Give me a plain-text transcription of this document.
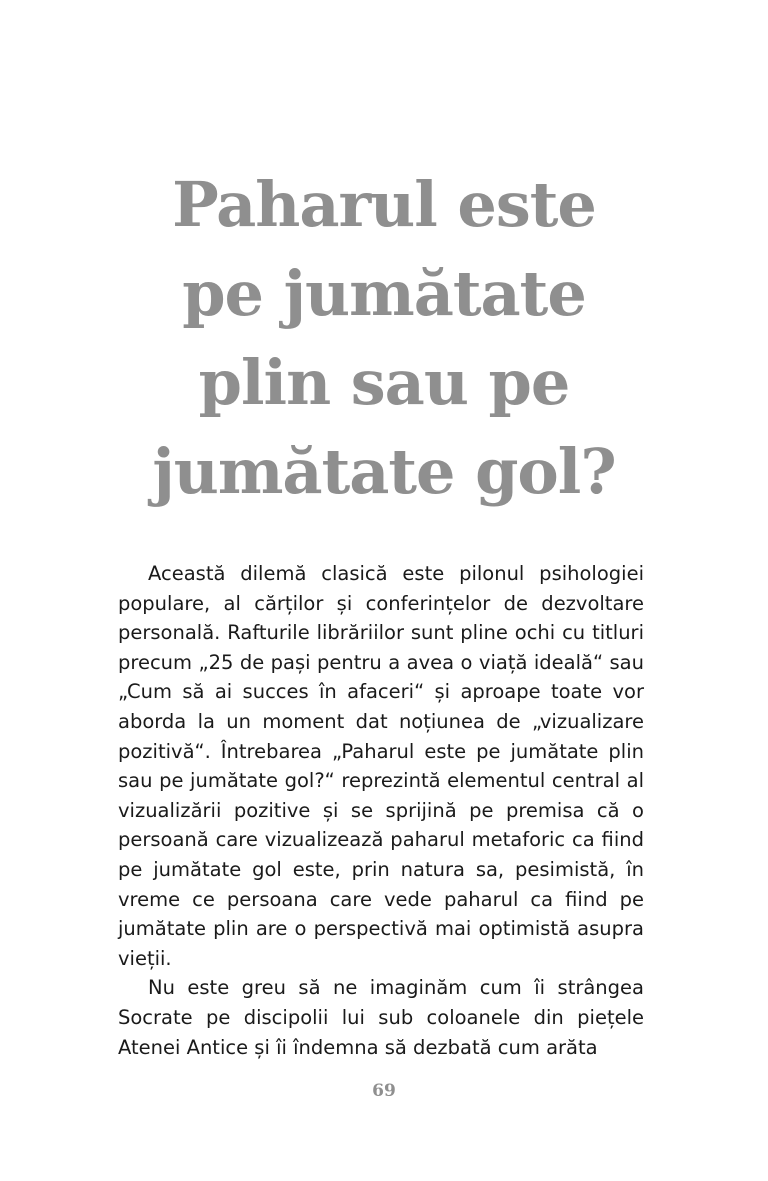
Paharul este
pe jumătate
plin sau pe
jumătate gol?

Această dilemă clasică este pilonul psihologiei populare, al cărților și conferințelor de dezvoltare personală. Rafturile librăriilor sunt pline ochi cu titluri precum „25 de pași pentru a avea o viață ideală“ sau „Cum să ai succes în afaceri“ și aproape toate vor aborda la un moment dat noțiunea de „vizualizare pozitivă“. Întrebarea „Paharul este pe jumătate plin sau pe jumătate gol?“ reprezintă elementul central al vizualizării pozitive și se sprijină pe premisa că o persoană care vizualizează paharul metaforic ca fiind pe jumătate gol este, prin natura sa, pesimistă, în vreme ce persoana care vede paharul ca fiind pe jumătate plin are o perspectivă mai optimistă asupra vieții.

Nu este greu să ne imaginăm cum îi strângea Socrate pe discipolii lui sub coloanele din piețele Atenei Antice și îi îndemna să dezbată cum arăta

69
